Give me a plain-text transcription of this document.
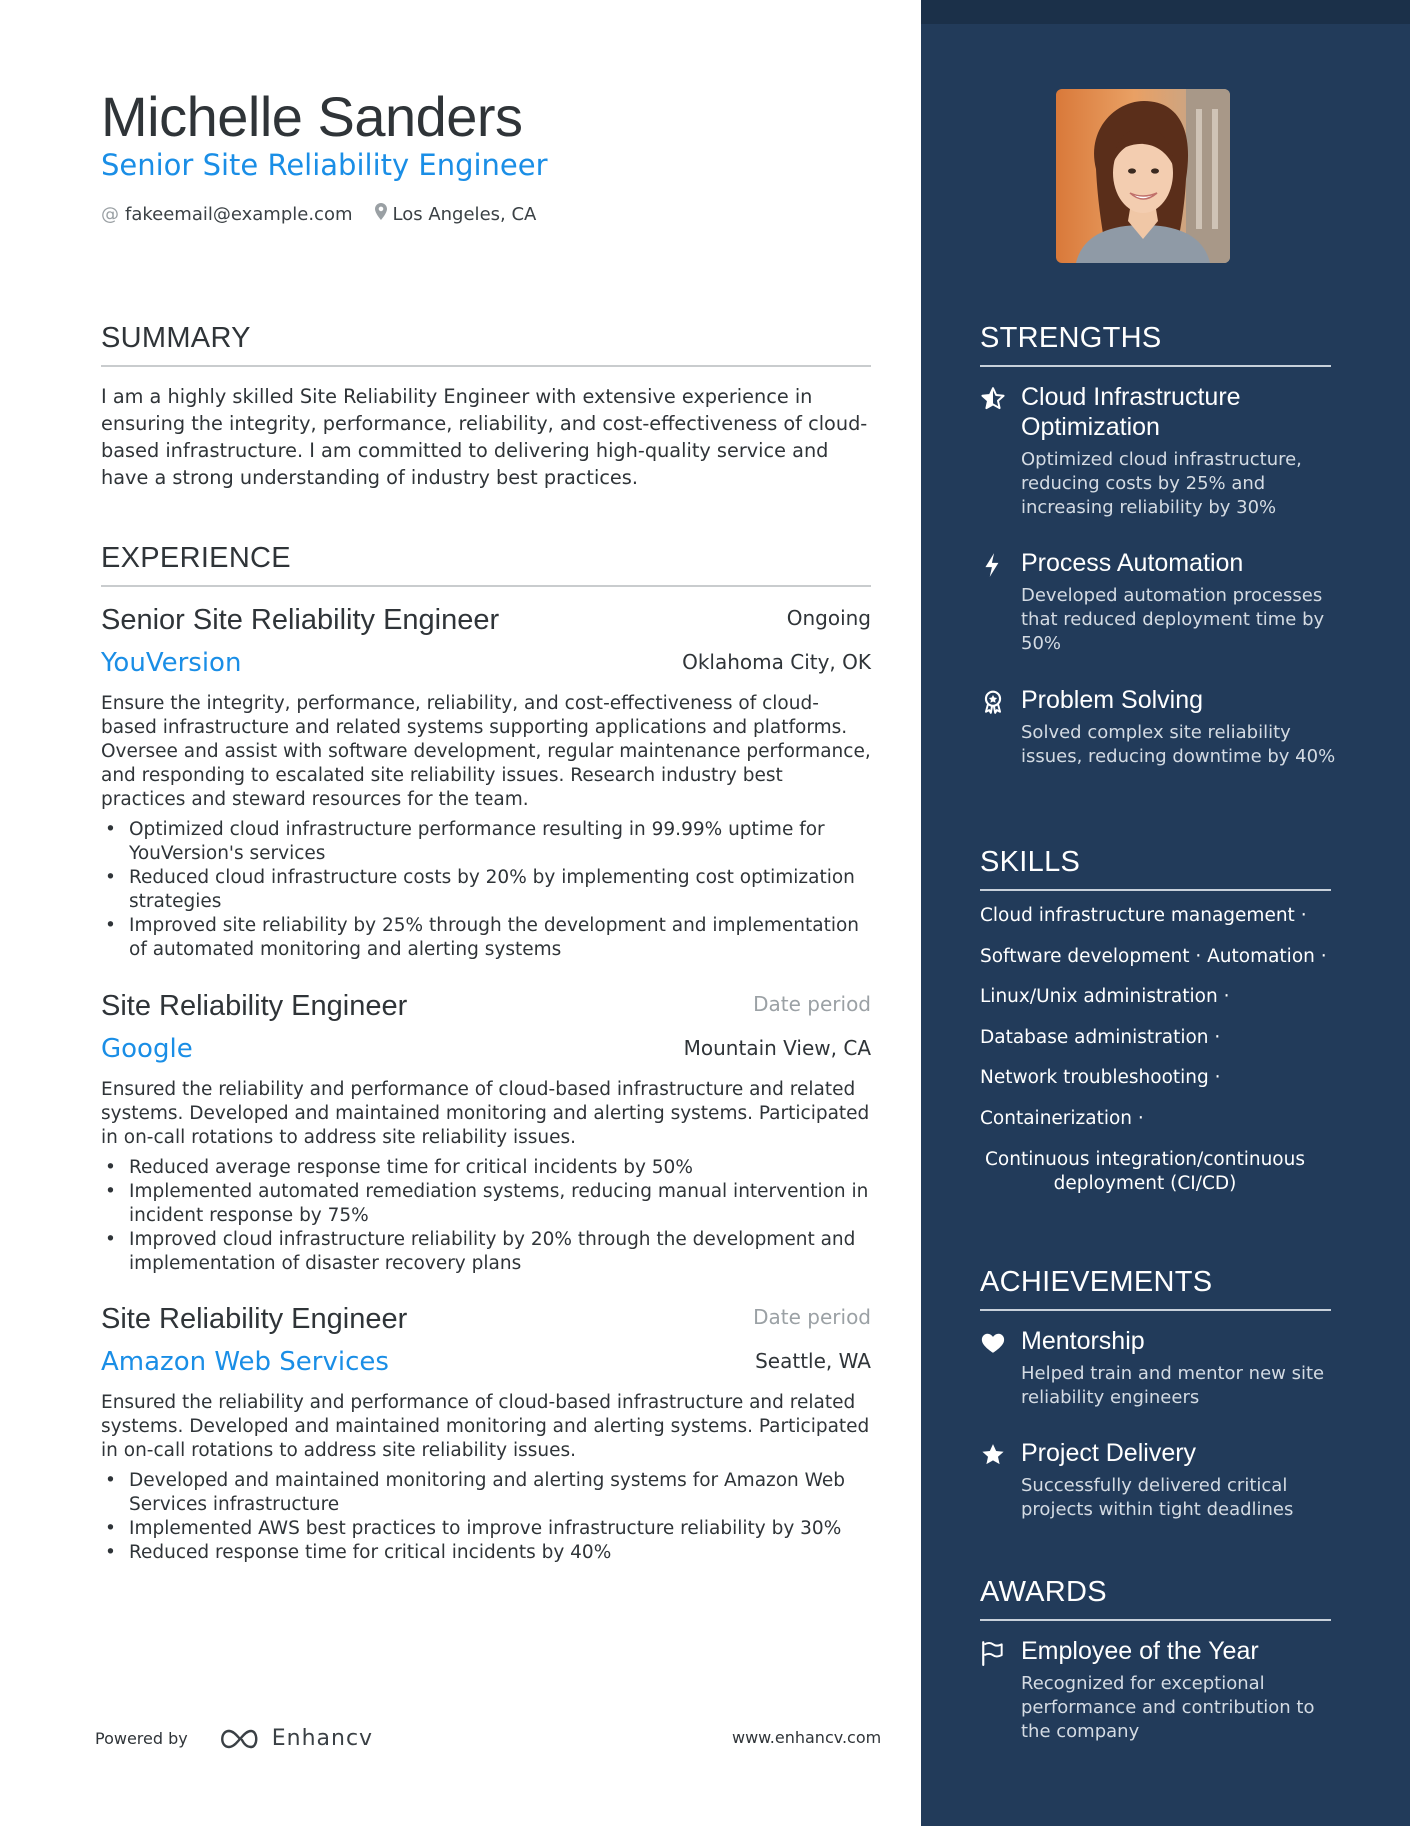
Michelle Sanders
Senior Site Reliability Engineer
@ fakeemail@example.com Los Angeles, CA
SUMMARY

I am a highly skilled Site Reliability Engineer with extensive experience in ensuring the integrity, performance, reliability, and cost-effectiveness of cloud-based infrastructure. I am committed to delivering high-quality service and have a strong understanding of industry best practices.

EXPERIENCE
Senior Site Reliability Engineer	Ongoing
YouVersion	Oklahoma City, OK

Ensure the integrity, performance, reliability, and cost-effectiveness of cloud-based infrastructure and related systems supporting applications and platforms. Oversee and assist with software development, regular maintenance performance, and responding to escalated site reliability issues. Research industry best practices and steward resources for the team.

• Optimized cloud infrastructure performance resulting in 99.99% uptime for YouVersion's services
• Reduced cloud infrastructure costs by 20% by implementing cost optimization strategies
• Improved site reliability by 25% through the development and implementation of automated monitoring and alerting systems
Site Reliability Engineer	Date period
Google	Mountain View, CA

Ensured the reliability and performance of cloud-based infrastructure and related systems. Developed and maintained monitoring and alerting systems. Participated in on-call rotations to address site reliability issues.

• Reduced average response time for critical incidents by 50%
• Implemented automated remediation systems, reducing manual intervention in incident response by 75%
• Improved cloud infrastructure reliability by 20% through the development and implementation of disaster recovery plans
Site Reliability Engineer	Date period
Amazon Web Services	Seattle, WA

Ensured the reliability and performance of cloud-based infrastructure and related systems. Developed and maintained monitoring and alerting systems. Participated in on-call rotations to address site reliability issues.

• Developed and maintained monitoring and alerting systems for Amazon Web Services infrastructure
• Implemented AWS best practices to improve infrastructure reliability by 30%
• Reduced response time for critical incidents by 40%
Powered by	Enhancv	www.enhancv.com
STRENGTHS
Cloud Infrastructure Optimization
Optimized cloud infrastructure, reducing costs by 25% and increasing reliability by 30%
Process Automation
Developed automation processes that reduced deployment time by 50%
Problem Solving
Solved complex site reliability issues, reducing downtime by 40%
SKILLS
Cloud infrastructure management ·
Software development · Automation ·
Linux/Unix administration ·
Database administration ·
Network troubleshooting ·
Containerization ·
Continuous integration/continuous deployment (CI/CD)
ACHIEVEMENTS
Mentorship
Helped train and mentor new site reliability engineers
Project Delivery
Successfully delivered critical projects within tight deadlines
AWARDS
Employee of the Year
Recognized for exceptional performance and contribution to the company
